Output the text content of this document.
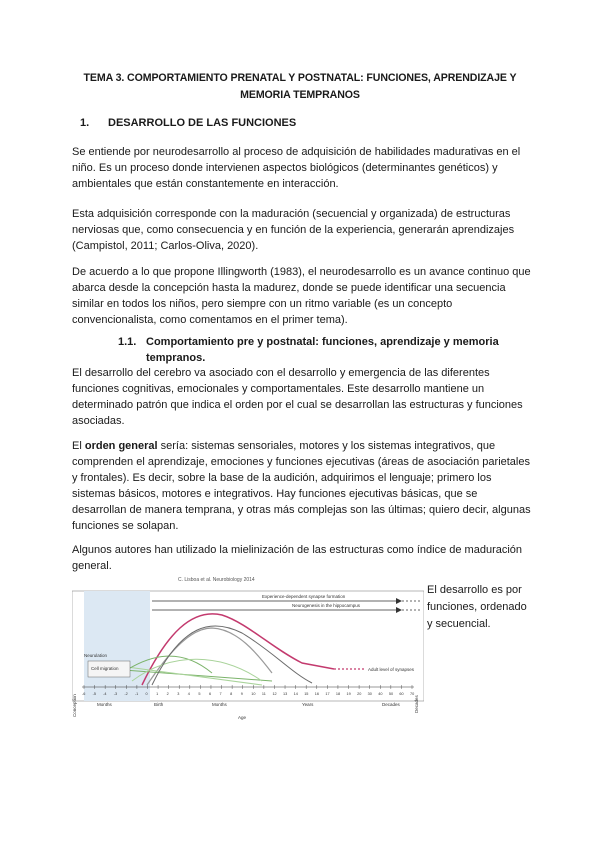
TEMA 3. COMPORTAMIENTO PRENATAL Y POSTNATAL: FUNCIONES, APRENDIZAJE Y MEMORIA TEMPRANOS
1. DESARROLLO DE LAS FUNCIONES

Se entiende por neurodesarrollo al proceso de adquisición de habilidades madurativas en el niño. Es un proceso donde intervienen aspectos biológicos (determinantes genéticos) y ambientales que están constantemente en interacción.

Esta adquisición corresponde con la maduración (secuencial y organizada) de estructuras nerviosas que, como consecuencia y en función de la experiencia, generarán aprendizajes (Campistol, 2011; Carlos-Oliva, 2020).

De acuerdo a lo que propone Illingworth (1983), el neurodesarrollo es un avance continuo que abarca desde la concepción hasta la madurez, donde se puede identificar una secuencia similar en todos los niños, pero siempre con un ritmo variable (es un concepto convencionalista, como comentamos en el primer tema).

1.1. Comportamiento pre y postnatal: funciones, aprendizaje y memoria tempranos.

El desarrollo del cerebro va asociado con el desarrollo y emergencia de las diferentes funciones cognitivas, emocionales y comportamentales. Este desarrollo mantiene un determinado patrón que indica el orden por el cual se desarrollan las estructuras y funciones asociadas.

El orden general sería: sistemas sensoriales, motores y los sistemas integrativos, que comprenden el aprendizaje, emociones y funciones ejecutivas (áreas de asociación parietales y frontales). Es decir, sobre la base de la audición, adquirimos el lenguaje; primero los sistemas básicos, motores e integrativos. Hay funciones ejecutivas básicas, que se desarrollan de manera temprana, y otras más complejas son las últimas; quiero decir, algunas funciones se solapan.

Algunos autores han utilizado la mielinización de las estructuras como índice de maduración general.

C. Lisboa et al. Neurobiology 2014
Experience-dependent synapse formation
Neurogenesis in the hippocampus
Adult level of synapses
Cell migration
Neurulation
-6 -5 -4 -3 -2 -1 0 1 2 3 4 5 6 7 8 9 10 11 12 13 14 15 16 17 18 19 20 30 40 50 60 70
Conception	Decades
Months	Birth	Months	Years	Decades
Age
El desarrollo es por funciones, ordenado y secuencial.
